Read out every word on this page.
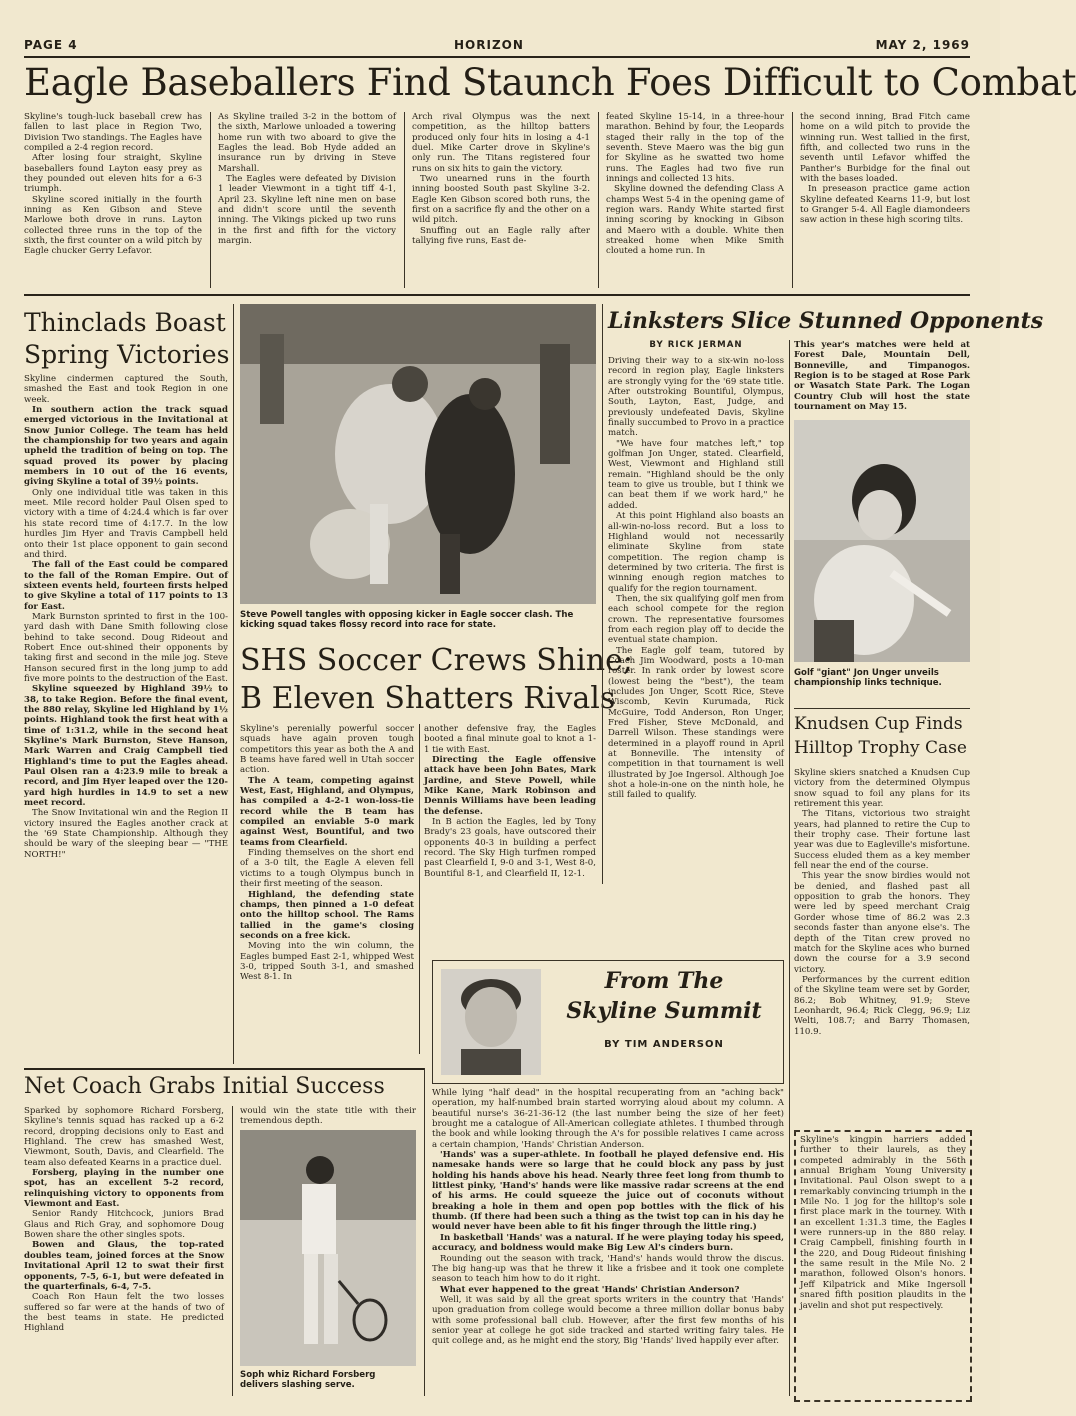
PAGE 4	HORIZON	MAY 2, 1969
Eagle Baseballers Find Staunch Foes Difficult to Combat

Skyline's tough-luck baseball crew has fallen to last place in Region Two, Division Two standings. The Eagles have compiled a 2-4 region record.

After losing four straight, Skyline baseballers found Layton easy prey as they pounded out eleven hits for a 6-3 triumph.

Skyline scored initially in the fourth inning as Ken Gibson and Steve Marlowe both drove in runs. Layton collected three runs in the top of the sixth, the first counter on a wild pitch by Eagle chucker Gerry Lefavor.

As Skyline trailed 3-2 in the bottom of the sixth, Marlowe unloaded a towering home run with two aboard to give the Eagles the lead. Bob Hyde added an insurance run by driving in Steve Marshall.

The Eagles were defeated by Division 1 leader Viewmont in a tight tiff 4-1, April 23. Skyline left nine men on base and didn't score until the seventh inning. The Vikings picked up two runs in the first and fifth for the victory margin.

Arch rival Olympus was the next competition, as the hilltop batters produced only four hits in losing a 4-1 duel. Mike Carter drove in Skyline's only run. The Titans registered four runs on six hits to gain the victory.

Two unearned runs in the fourth inning boosted South past Skyline 3-2. Eagle Ken Gibson scored both runs, the first on a sacrifice fly and the other on a wild pitch.

Snuffing out an Eagle rally after tallying five runs, East de-

feated Skyline 15-14, in a three-hour marathon. Behind by four, the Leopards staged their rally in the top of the seventh. Steve Maero was the big gun for Skyline as he swatted two home runs. The Eagles had two five run innings and collected 13 hits.

Skyline downed the defending Class A champs West 5-4 in the opening game of region wars. Randy White started first inning scoring by knocking in Gibson and Maero with a double. White then streaked home when Mike Smith clouted a home run. In

the second inning, Brad Fitch came home on a wild pitch to provide the winning run. West tallied in the first, fifth, and collected two runs in the seventh until Lefavor whiffed the Panther's Burbidge for the final out with the bases loaded.

In preseason practice game action Skyline defeated Kearns 11-9, but lost to Granger 5-4. All Eagle diamondeers saw action in these high scoring tilts.

Thinclads Boast
Spring Victories

Skyline cindermen captured the South, smashed the East and took Region in one week.

In southern action the track squad emerged victorious in the Invitational at Snow Junior College. The team has held the championship for two years and again upheld the tradition of being on top. The squad proved its power by placing members in 10 out of the 16 events, giving Skyline a total of 39½ points.

Only one individual title was taken in this meet. Mile record holder Paul Olsen sped to victory with a time of 4:24.4 which is far over his state record time of 4:17.7. In the low hurdles Jim Hyer and Travis Campbell held onto their 1st place opponent to gain second and third.

The fall of the East could be compared to the fall of the Roman Empire. Out of sixteen events held, fourteen firsts helped to give Skyline a total of 117 points to 13 for East.

Mark Burnston sprinted to first in the 100-yard dash with Dane Smith following close behind to take second. Doug Rideout and Robert Ence out-shined their opponents by taking first and second in the mile jog. Steve Hanson secured first in the long jump to add five more points to the destruction of the East.

Skyline squeezed by Highland 39½ to 38, to take Region. Before the final event, the 880 relay, Skyline led Highland by 1½ points. Highland took the first heat with a time of 1:31.2, while in the second heat Skyline's Mark Burnston, Steve Hanson, Mark Warren and Craig Campbell tied Highland's time to put the Eagles ahead. Paul Olsen ran a 4:23.9 mile to break a record, and Jim Hyer leaped over the 120-yard high hurdles in 14.9 to set a new meet record.

The Snow Invitational win and the Region II victory insured the Eagles another crack at the '69 State Championship. Although they should be wary of the sleeping bear — "THE NORTH!"

Steve Powell tangles with opposing kicker in Eagle soccer clash. The kicking squad takes flossy record into race for state.
SHS Soccer Crews Shine;
B Eleven Shatters Rivals

Skyline's perenially powerful soccer squads have again proven tough competitors this year as both the A and B teams have fared well in Utah soccer action.

The A team, competing against West, East, Highland, and Olympus, has compiled a 4-2-1 won-loss-tie record while the B team has compiled an enviable 5-0 mark against West, Bountiful, and two teams from Clearfield.

Finding themselves on the short end of a 3-0 tilt, the Eagle A eleven fell victims to a tough Olympus bunch in their first meeting of the season.

Highland, the defending state champs, then pinned a 1-0 defeat onto the hilltop school. The Rams tallied in the game's closing seconds on a free kick.

Moving into the win column, the Eagles bumped East 2-1, whipped West 3-0, tripped South 3-1, and smashed West 8-1. In

another defensive fray, the Eagles booted a final minute goal to knot a 1-1 tie with East.

Directing the Eagle offensive attack have been John Bates, Mark Jardine, and Steve Powell, while Mike Kane, Mark Robinson and Dennis Williams have been leading the defense.

In B action the Eagles, led by Tony Brady's 23 goals, have outscored their opponents 40-3 in building a perfect record. The Sky High turfmen romped past Clearfield I, 9-0 and 3-1, West 8-0, Bountiful 8-1, and Clearfield II, 12-1.

Linksters Slice Stunned Opponents
BY RICK JERMAN

Driving their way to a six-win no-loss record in region play, Eagle linksters are strongly vying for the '69 state title. After outstroking Bountiful, Olympus, South, Layton, East, Judge, and previously undefeated Davis, Skyline finally succumbed to Provo in a practice match.

"We have four matches left," top golfman Jon Unger, stated. Clearfield, West, Viewmont and Highland still remain. "Highland should be the only team to give us trouble, but I think we can beat them if we work hard," he added.

At this point Highland also boasts an all-win-no-loss record. But a loss to Highland would not necessarily eliminate Skyline from state competition. The region champ is determined by two criteria. The first is winning enough region matches to qualify for the region tournament.

Then, the six qualifying golf men from each school compete for the region crown. The representative foursomes from each region play off to decide the eventual state champion.

The Eagle golf team, tutored by Coach Jim Woodward, posts a 10-man roster. In rank order by lowest score (lowest being the "best"), the team includes Jon Unger, Scott Rice, Steve Wiscomb, Kevin Kurumada, Rick McGuire, Todd Anderson, Ron Unger, Fred Fisher, Steve McDonald, and Darrell Wilson. These standings were determined in a playoff round in April at Bonneville. The intensity of competition in that tournament is well illustrated by Joe Ingersol. Although Joe shot a hole-in-one on the ninth hole, he still failed to qualify.

This year's matches were held at Forest Dale, Mountain Dell, Bonneville, and Timpanogos. Region is to be staged at Rose Park or Wasatch State Park. The Logan Country Club will host the state tournament on May 15.
Golf "giant" Jon Unger unveils championship links technique.
Knudsen Cup Finds
Hilltop Trophy Case

Skyline skiers snatched a Knudsen Cup victory from the determined Olympus snow squad to foil any plans for its retirement this year.

The Titans, victorious two straight years, had planned to retire the Cup to their trophy case. Their fortune last year was due to Eagleville's misfortune. Success eluded them as a key member fell near the end of the course.

This year the snow birdies would not be denied, and flashed past all opposition to grab the honors. They were led by speed merchant Craig Gorder whose time of 86.2 was 2.3 seconds faster than anyone else's. The depth of the Titan crew proved no match for the Skyline aces who burned down the course for a 3.9 second victory.

Performances by the current edition of the Skyline team were set by Gorder, 86.2; Bob Whitney, 91.9; Steve Leonhardt, 96.4; Rick Clegg, 96.9; Liz Welti, 108.7; and Barry Thomasen, 110.9.

Skyline's kingpin harriers added further to their laurels, as they competed admirably in the 56th annual Brigham Young University Invitational. Paul Olson swept to a remarkably convincing triumph in the Mile No. 1 jog for the hilltop's sole first place mark in the tourney. With an excellent 1:31.3 time, the Eagles were runners-up in the 880 relay. Craig Campbell, finishing fourth in the 220, and Doug Rideout finishing the same result in the Mile No. 2 marathon, followed Olson's honors. Jeff Kilpatrick and Mike Ingersoll snared fifth position plaudits in the javelin and shot put respectively.
Net Coach Grabs Initial Success

Sparked by sophomore Richard Forsberg, Skyline's tennis squad has racked up a 6-2 record, dropping decisions only to East and Highland. The crew has smashed West, Viewmont, South, Davis, and Clearfield. The team also defeated Kearns in a practice duel.

Forsberg, playing in the number one spot, has an excellent 5-2 record, relinquishing victory to opponents from Viewmont and East.

Senior Randy Hitchcock, juniors Brad Glaus and Rich Gray, and sophomore Doug Bowen share the other singles spots.

Bowen and Glaus, the top-rated doubles team, joined forces at the Snow Invitational April 12 to swat their first opponents, 7-5, 6-1, but were defeated in the quarterfinals, 6-4, 7-5.

Coach Ron Haun felt the two losses suffered so far were at the hands of two of the best teams in state. He predicted Highland

would win the state title with their tremendous depth.
Soph whiz Richard Forsberg delivers slashing serve.
From The
Skyline Summit
BY TIM ANDERSON

While lying "half dead" in the hospital recuperating from an "aching back" operation, my half-numbed brain started worrying aloud about my column. A beautiful nurse's 36-21-36-12 (the last number being the size of her feet) brought me a catalogue of All-American collegiate athletes. I thumbed through the book and while looking through the A's for possible relatives I came across a certain champion, 'Hands' Christian Anderson.

'Hands' was a super-athlete. In football he played defensive end. His namesake hands were so large that he could block any pass by just holding his hands above his head. Nearly three feet long from thumb to littlest pinky, 'Hand's' hands were like massive radar screens at the end of his arms. He could squeeze the juice out of coconuts without breaking a hole in them and open pop bottles with the flick of his thumb. (If there had been such a thing as the twist top can in his day he would never have been able to fit his finger through the little ring.)

In basketball 'Hands' was a natural. If he were playing today his speed, accuracy, and boldness would make Big Lew Al's cinders burn.

Rounding out the season with track, 'Hand's' hands would throw the discus. The big hang-up was that he threw it like a frisbee and it took one complete season to teach him how to do it right.

What ever happened to the great 'Hands' Christian Anderson?

Well, it was said by all the great sports writers in the country that 'Hands' upon graduation from college would become a three million dollar bonus baby with some professional ball club. However, after the first few months of his senior year at college he got side tracked and started writing fairy tales. He quit college and, as he might end the story, Big 'Hands' lived happily ever after.
